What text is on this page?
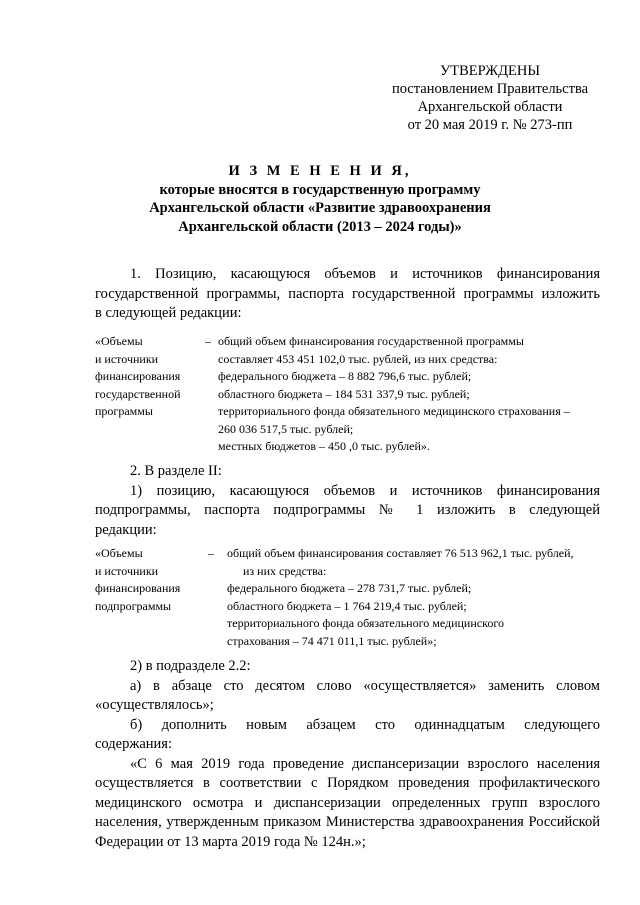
УТВЕРЖДЕНЫ
постановлением Правительства
Архангельской области
от 20 мая 2019 г. № 273-пп
И З М Е Н Е Н И Я,
которые вносятся в государственную программу
Архангельской области «Развитие здравоохранения
Архангельской области (2013 – 2024 годы)»
1. Позицию, касающуюся объемов и источников финансирования
государственной программы, паспорта государственной программы изложить
в следующей редакции:
«Объемы
и источники
финансирования
государственной
программы
– общий объем финансирования государственной программы
составляет 453 451 102,0 тыс. рублей, из них средства:
федерального бюджета – 8 882 796,6 тыс. рублей;
областного бюджета – 184 531 337,9 тыс. рублей;
территориального фонда обязательного медицинского страхования –
260 036 517,5 тыс. рублей;
местных бюджетов – 450 ,0 тыс. рублей».
2. В разделе II:
1) позицию, касающуюся объемов и источников финансирования
подпрограммы, паспорта подпрограммы № 1 изложить в следующей
редакции:
«Объемы
и источники
финансирования
подпрограммы
– общий объем финансирования составляет 76 513 962,1 тыс. рублей,
из них средства:
федерального бюджета – 278 731,7 тыс. рублей;
областного бюджета – 1 764 219,4 тыс. рублей;
территориального фонда обязательного медицинского
страхования – 74 471 011,1 тыс. рублей»;
2) в подразделе 2.2:
а) в абзаце сто десятом слово «осуществляется» заменить словом
«осуществлялось»;
б) дополнить новым абзацем сто одиннадцатым следующего
содержания:
«С 6 мая 2019 года проведение диспансеризации взрослого населения
осуществляется в соответствии с Порядком проведения профилактического
медицинского осмотра и диспансеризации определенных групп взрослого
населения, утвержденным приказом Министерства здравоохранения Российской
Федерации от 13 марта 2019 года № 124н.»;
